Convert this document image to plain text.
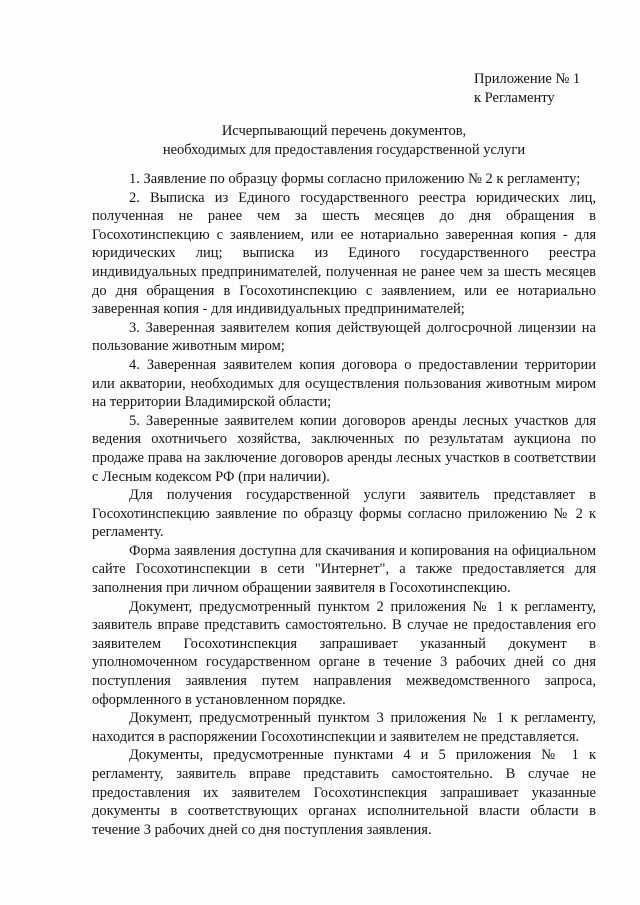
Приложение № 1
к Регламенту
Исчерпывающий перечень документов,
необходимых для предоставления государственной услуги

1. Заявление по образцу формы согласно приложению № 2 к регламенту;

2. Выписка из Единого государственного реестра юридических лиц, полученная не ранее чем за шесть месяцев до дня обращения в Госохотинспекцию с заявлением, или ее нотариально заверенная копия - для юридических лиц; выписка из Единого государственного реестра индивидуальных предпринимателей, полученная не ранее чем за шесть месяцев до дня обращения в Госохотинспекцию с заявлением, или ее нотариально заверенная копия - для индивидуальных предпринимателей;

3. Заверенная заявителем копия действующей долгосрочной лицензии на пользование животным миром;

4. Заверенная заявителем копия договора о предоставлении территории или акватории, необходимых для осуществления пользования животным миром на территории Владимирской области;

5. Заверенные заявителем копии договоров аренды лесных участков для ведения охотничьего хозяйства, заключенных по результатам аукциона по продаже права на заключение договоров аренды лесных участков в соответствии с Лесным кодексом РФ (при наличии).

Для получения государственной услуги заявитель представляет в Госохотинспекцию заявление по образцу формы согласно приложению № 2 к регламенту.

Форма заявления доступна для скачивания и копирования на официальном сайте Госохотинспекции в сети "Интернет", а также предоставляется для заполнения при личном обращении заявителя в Госохотинспекцию.

Документ, предусмотренный пунктом 2 приложения № 1 к регламенту, заявитель вправе представить самостоятельно. В случае не предоставления его заявителем Госохотинспекция запрашивает указанный документ в уполномоченном государственном органе в течение 3 рабочих дней со дня поступления заявления путем направления межведомственного запроса, оформленного в установленном порядке.

Документ, предусмотренный пунктом 3 приложения № 1 к регламенту, находится в распоряжении Госохотинспекции и заявителем не представляется.

Документы, предусмотренные пунктами 4 и 5 приложения № 1 к регламенту, заявитель вправе представить самостоятельно. В случае не предоставления их заявителем Госохотинспекция запрашивает указанные документы в соответствующих органах исполнительной власти области в течение 3 рабочих дней со дня поступления заявления.
